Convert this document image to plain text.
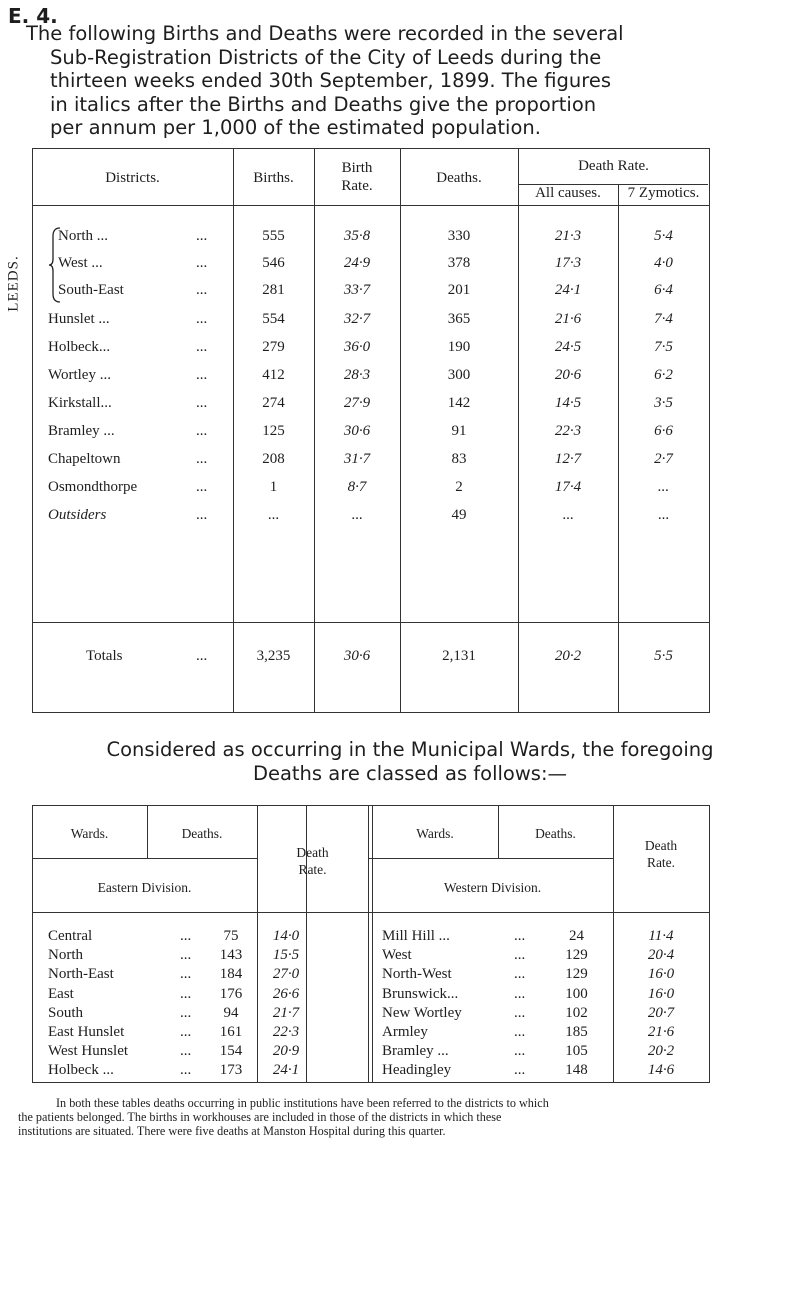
E. 4.
The following Births and Deaths were recorded in the several
Sub-Registration Districts of the City of Leeds during the
thirteen weeks ended 30th September, 1899. The figures
in italics after the Births and Deaths give the proportion
per annum per 1,000 of the estimated population.
Districts.	Births.
Birth
Rate.	Deaths.
Death Rate.
All causes.	7 Zymotics.
LEEDS.
North ...	...	555	35·8	330	21·3	5·4
West ...	...	546	24·9	378	17·3	4·0
South-East	...	281	33·7	201	24·1	6·4
Hunslet ...	...	554	32·7	365	21·6	7·4
Holbeck...	...	279	36·0	190	24·5	7·5
Wortley ...	...	412	28·3	300	20·6	6·2
Kirkstall...	...	274	27·9	142	14·5	3·5
Bramley ...	...	125	30·6	91	22·3	6·6
Chapeltown	...	208	31·7	83	12·7	2·7
Osmondthorpe	...	1	8·7	2	17·4	...
Outsiders	...	...	...	49	...	...
Totals	...	3,235	30·6	2,131	20·2	5·5
Considered as occurring in the Municipal Wards, the foregoing
Deaths are classed as follows:—
Wards.	Deaths.
Death
Rate.
Eastern Division.
Wards.	Deaths.
Western Division.
Death
Rate.
Central	...	75	14·0
North	...	143	15·5
North-East	...	184	27·0
East	...	176	26·6
South	...	94	21·7
East Hunslet	...	161	22·3
West Hunslet	...	154	20·9
Holbeck ...	...	173	24·1
Mill Hill ...	...	24	11·4
West	...	129	20·4
North-West	...	129	16·0
Brunswick...	...	100	16·0
New Wortley	...	102	20·7
Armley	...	185	21·6
Bramley ...	...	105	20·2
Headingley	...	148	14·6
In both these tables deaths occurring in public institutions have been referred to the districts to which
the patients belonged. The births in workhouses are included in those of the districts in which these
institutions are situated. There were five deaths at Manston Hospital during this quarter.
